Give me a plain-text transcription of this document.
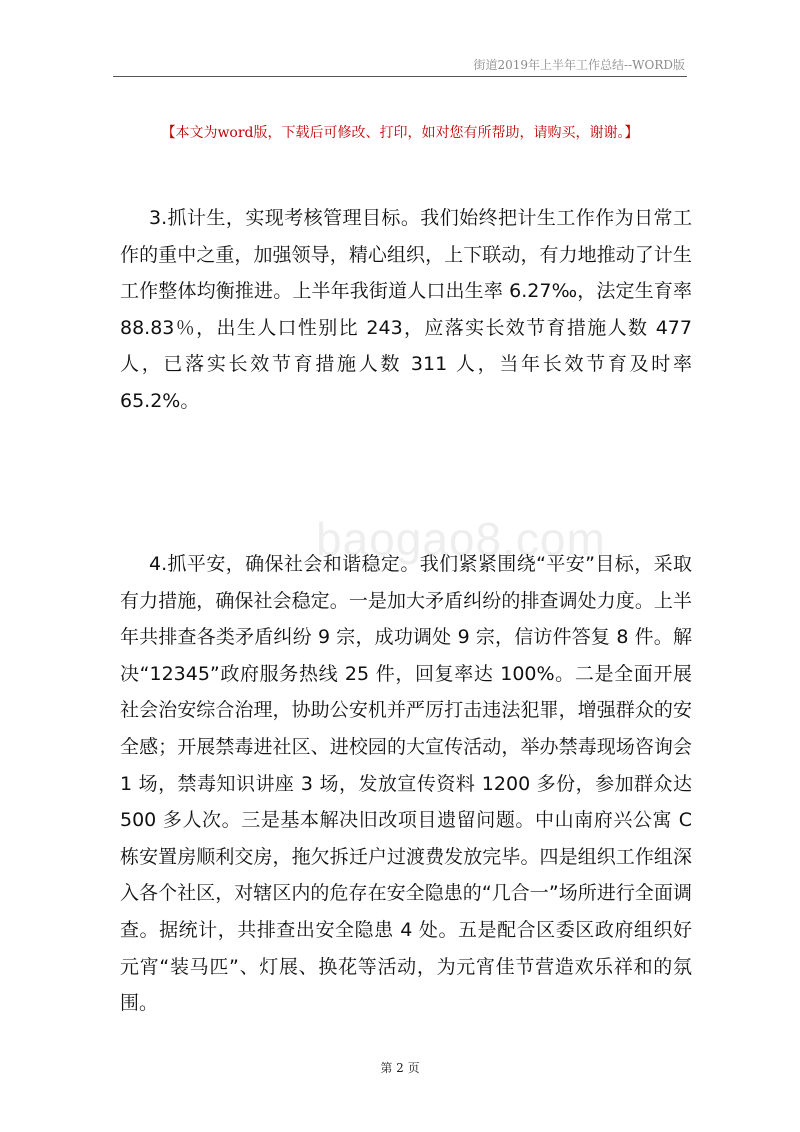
街道2019年上半年工作总结--WORD版
【本文为word版，下载后可修改、打印，如对您有所帮助，请购买，谢谢。】
baogao8.com

3.抓计生，实现考核管理目标。我们始终把计生工作作为日常工作的重中之重，加强领导，精心组织，上下联动，有力地推动了计生工作整体均衡推进。上半年我街道人口出生率 6.27‰，法定生育率88.83％，出生人口性别比 243，应落实长效节育措施人数 477 人，已落实长效节育措施人数 311 人，当年长效节育及时率 65.2%。

4.抓平安，确保社会和谐稳定。我们紧紧围绕“平安”目标，采取有力措施，确保社会稳定。一是加大矛盾纠纷的排查调处力度。上半年共排查各类矛盾纠纷 9 宗，成功调处 9 宗，信访件答复 8 件。解决“12345”政府服务热线 25 件，回复率达 100%。二是全面开展社会治安综合治理，协助公安机并严厉打击违法犯罪，增强群众的安全感；开展禁毒进社区、进校园的大宣传活动，举办禁毒现场咨询会 1 场，禁毒知识讲座 3 场，发放宣传资料 1200 多份，参加群众达 500 多人次。三是基本解决旧改项目遗留问题。中山南府兴公寓 C 栋安置房顺利交房，拖欠拆迁户过渡费发放完毕。四是组织工作组深入各个社区，对辖区内的危存在安全隐患的“几合一”场所进行全面调查。据统计，共排查出安全隐患 4 处。五是配合区委区政府组织好元宵“装马匹”、灯展、换花等活动，为元宵佳节营造欢乐祥和的氛围。

第 2 页
